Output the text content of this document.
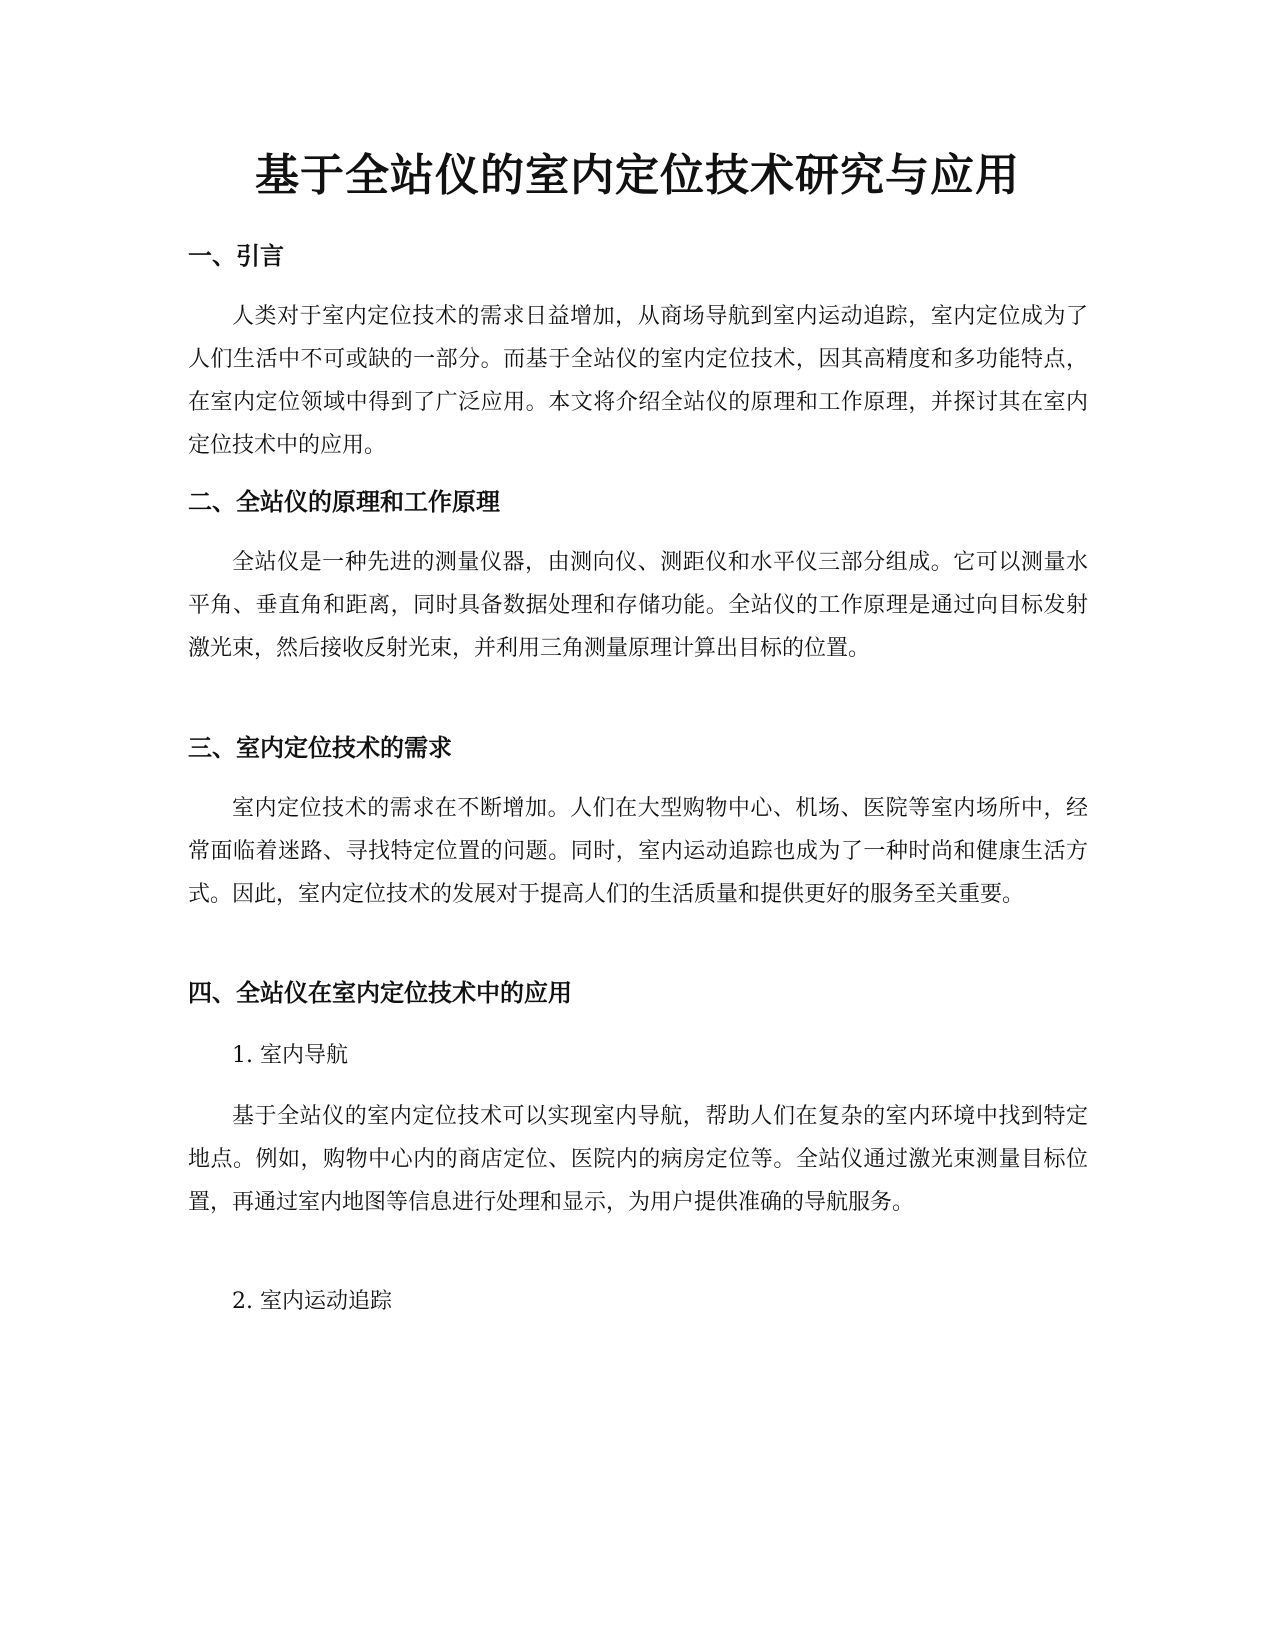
基于全站仪的室内定位技术研究与应用
一、引言

人类对于室内定位技术的需求日益增加，从商场导航到室内运动追踪，室内定位成为了人们生活中不可或缺的一部分。而基于全站仪的室内定位技术，因其高精度和多功能特点，在室内定位领域中得到了广泛应用。本文将介绍全站仪的原理和工作原理，并探讨其在室内定位技术中的应用。

二、全站仪的原理和工作原理

全站仪是一种先进的测量仪器，由测向仪、测距仪和水平仪三部分组成。它可以测量水平角、垂直角和距离，同时具备数据处理和存储功能。全站仪的工作原理是通过向目标发射激光束，然后接收反射光束，并利用三角测量原理计算出目标的位置。

三、室内定位技术的需求

室内定位技术的需求在不断增加。人们在大型购物中心、机场、医院等室内场所中，经常面临着迷路、寻找特定位置的问题。同时，室内运动追踪也成为了一种时尚和健康生活方式。因此，室内定位技术的发展对于提高人们的生活质量和提供更好的服务至关重要。

四、全站仪在室内定位技术中的应用

1. 室内导航

基于全站仪的室内定位技术可以实现室内导航，帮助人们在复杂的室内环境中找到特定地点。例如，购物中心内的商店定位、医院内的病房定位等。全站仪通过激光束测量目标位置，再通过室内地图等信息进行处理和显示，为用户提供准确的导航服务。

2. 室内运动追踪
